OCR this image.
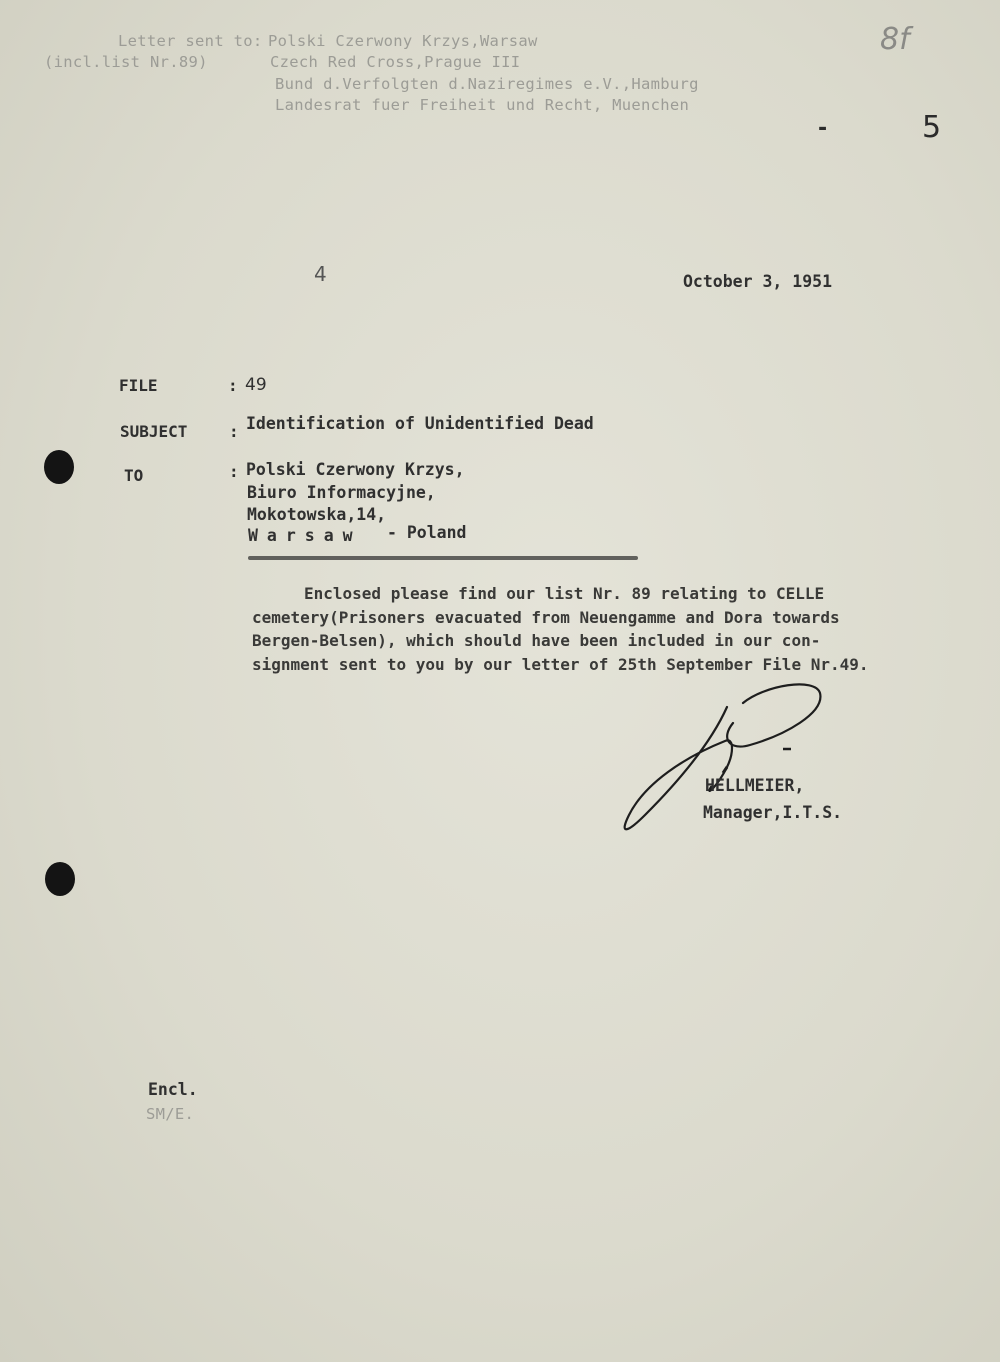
Letter sent to:
(incl.list Nr.89)
Polski Czerwony Krzys,Warsaw
Czech Red Cross,Prague III
Bund d.Verfolgten d.Naziregimes e.V.,Hamburg
Landesrat fuer Freiheit und Recht, Muenchen
8f
-	5
4	October 3, 1951
FILE	: 49
SUBJECT	: Identification of Unidentified Dead
TO	: Polski Czerwony Krzys,
Biuro Informacyjne,
Mokotowska,14,
Warsaw - Poland
Enclosed please find our list Nr. 89 relating to CELLE
cemetery(Prisoners evacuated from Neuengamme and Dora towards
Bergen-Belsen), which should have been included in our con-
signment sent to you by our letter of 25th September File Nr.49.
HELLMEIER,
Manager,I.T.S.
Encl.
SM/E.
